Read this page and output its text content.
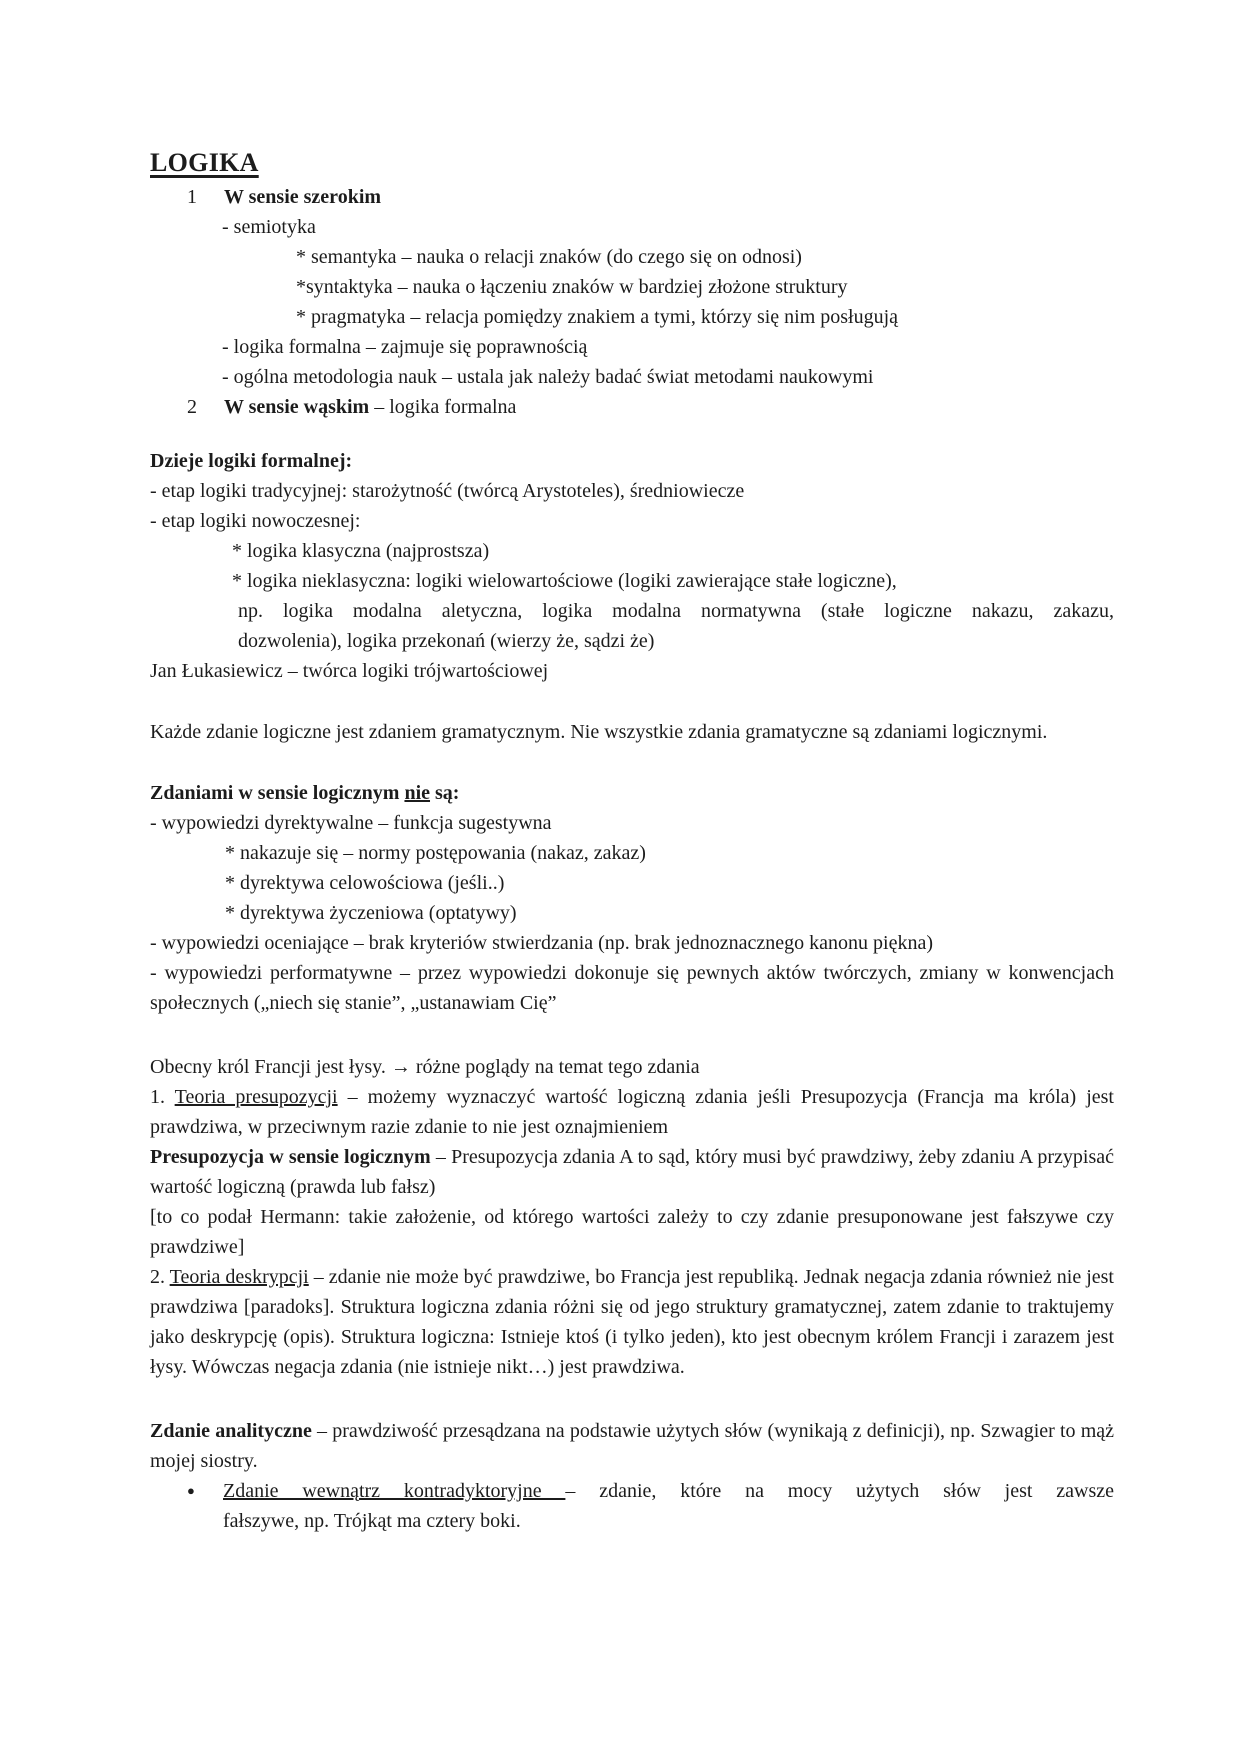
LOGIKA
1	W sensie szerokim
- semiotyka
* semantyka – nauka o relacji znaków (do czego się on odnosi)
*syntaktyka – nauka o łączeniu znaków w bardziej złożone struktury
* pragmatyka – relacja pomiędzy znakiem a tymi, którzy się nim posługują
- logika formalna – zajmuje się poprawnością
- ogólna metodologia nauk – ustala jak należy badać świat metodami naukowymi
2	W sensie wąskim – logika formalna
Dzieje logiki formalnej:
- etap logiki tradycyjnej: starożytność (twórcą Arystoteles), średniowiecze
- etap logiki nowoczesnej:
* logika klasyczna (najprostsza)
* logika nieklasyczna: logiki wielowartościowe (logiki zawierające stałe logiczne),
np. logika modalna aletyczna, logika modalna normatywna (stałe logiczne nakazu, zakazu,
dozwolenia), logika przekonań (wierzy że, sądzi że)
Jan Łukasiewicz – twórca logiki trójwartościowej

Każde zdanie logiczne jest zdaniem gramatycznym. Nie wszystkie zdania gramatyczne są zdaniami logicznymi.

Zdaniami w sensie logicznym nie są:
- wypowiedzi dyrektywalne – funkcja sugestywna
* nakazuje się – normy postępowania (nakaz, zakaz)
* dyrektywa celowościowa (jeśli..)
* dyrektywa życzeniowa (optatywy)
- wypowiedzi oceniające – brak kryteriów stwierdzania (np. brak jednoznacznego kanonu piękna)

- wypowiedzi performatywne – przez wypowiedzi dokonuje się pewnych aktów twórczych, zmiany w konwencjach społecznych („niech się stanie”, „ustanawiam Cię”

Obecny król Francji jest łysy. → różne poglądy na temat tego zdania

1. Teoria presupozycji – możemy wyznaczyć wartość logiczną zdania jeśli Presupozycja (Francja ma króla) jest prawdziwa, w przeciwnym razie zdanie to nie jest oznajmieniem

Presupozycja w sensie logicznym – Presupozycja zdania A to sąd, który musi być prawdziwy, żeby zdaniu A przypisać wartość logiczną (prawda lub fałsz)

[to co podał Hermann: takie założenie, od którego wartości zależy to czy zdanie presuponowane jest fałszywe czy prawdziwe]

2. Teoria deskrypcji – zdanie nie może być prawdziwe, bo Francja jest republiką. Jednak negacja zdania również nie jest prawdziwa [paradoks]. Struktura logiczna zdania różni się od jego struktury gramatycznej, zatem zdanie to traktujemy jako deskrypcję (opis). Struktura logiczna: Istnieje ktoś (i tylko jeden), kto jest obecnym królem Francji i zarazem jest łysy. Wówczas negacja zdania (nie istnieje nikt…) jest prawdziwa.

Zdanie analityczne – prawdziwość przesądzana na podstawie użytych słów (wynikają z definicji), np. Szwagier to mąż mojej siostry.

●	Zdanie wewnątrz kontradyktoryjne – zdanie, które na mocy użytych słów jest zawsze
fałszywe, np. Trójkąt ma cztery boki.
